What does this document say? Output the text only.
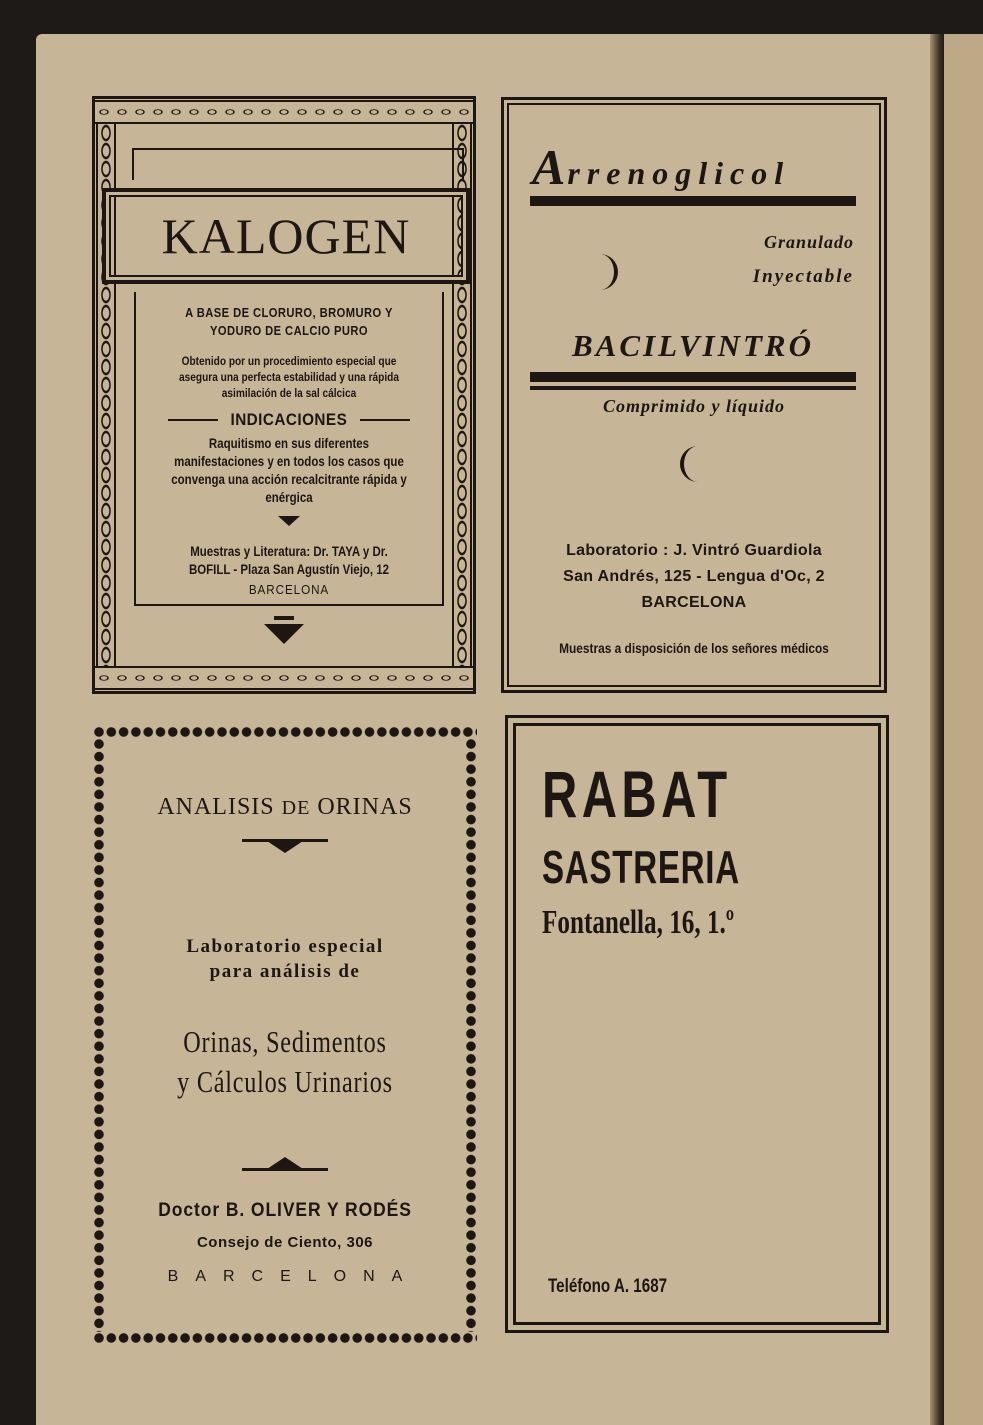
KALOGEN
A BASE DE CLORURO, BROMURO Y YODURO DE CALCIO PURO
Obtenido por un procedimiento especial que asegura una perfecta estabilidad y una rápida asimilación de la sal cálcica
INDICACIONES
Raquitismo en sus diferentes manifestaciones y en todos los casos que convenga una acción recalcitrante rápida y enérgica
Muestras y Literatura: Dr. TAYA y Dr. BOFILL - Plaza San Agustín Viejo, 12
BARCELONA
Arrenoglicol
Granulado
Inyectable
BACILVINTRÓ
Comprimido y líquido
Laboratorio : J. Vintró Guardiola
San Andrés, 125 - Lengua d'Oc, 2
BARCELONA
Muestras a disposición de los señores médicos
ANALISIS DE ORINAS
Laboratorio especial
para análisis de
Orinas, Sedimentos
y Cálculos Urinarios
Doctor B. OLIVER Y RODÉS
Consejo de Ciento, 306
BARCELONA
RABAT
SASTRERIA
Fontanella, 16, 1.º
Teléfono A. 1687
